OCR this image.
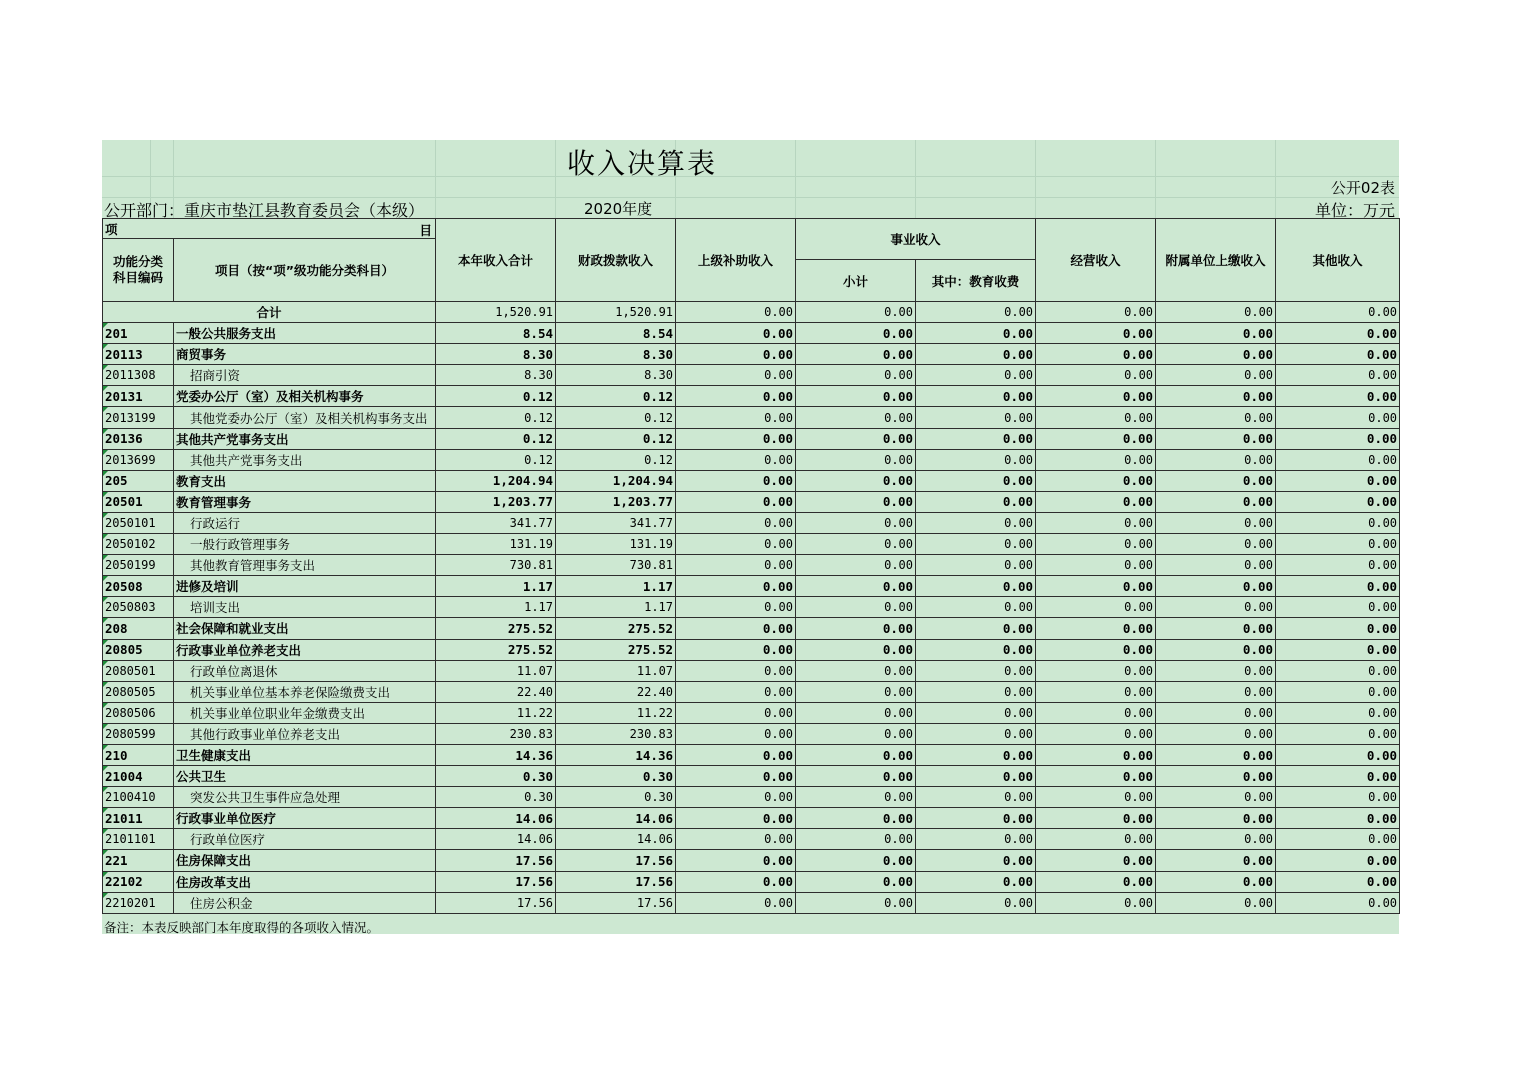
收入决算表
公开02表
公开部门：重庆市垫江县教育委员会（本级）	2020年度	单位：万元
项 目		本年收入合计	财政拨款收入	上级补助收入	事业收入		经营收入	附属单位上缴收入	其他收入
功能分类科目编码	项目（按“项”级功能分类科目）								
					小计	其中：教育收费			
合计		1,520.91	1,520.91	0.00	0.00	0.00	0.00	0.00	0.00
201	一般公共服务支出	8.54	8.54	0.00	0.00	0.00	0.00	0.00	0.00
20113	商贸事务	8.30	8.30	0.00	0.00	0.00	0.00	0.00	0.00
2011308	招商引资	8.30	8.30	0.00	0.00	0.00	0.00	0.00	0.00
20131	党委办公厅（室）及相关机构事务	0.12	0.12	0.00	0.00	0.00	0.00	0.00	0.00
2013199	其他党委办公厅（室）及相关机构事务支出	0.12	0.12	0.00	0.00	0.00	0.00	0.00	0.00
20136	其他共产党事务支出	0.12	0.12	0.00	0.00	0.00	0.00	0.00	0.00
2013699	其他共产党事务支出	0.12	0.12	0.00	0.00	0.00	0.00	0.00	0.00
205	教育支出	1,204.94	1,204.94	0.00	0.00	0.00	0.00	0.00	0.00
20501	教育管理事务	1,203.77	1,203.77	0.00	0.00	0.00	0.00	0.00	0.00
2050101	行政运行	341.77	341.77	0.00	0.00	0.00	0.00	0.00	0.00
2050102	一般行政管理事务	131.19	131.19	0.00	0.00	0.00	0.00	0.00	0.00
2050199	其他教育管理事务支出	730.81	730.81	0.00	0.00	0.00	0.00	0.00	0.00
20508	进修及培训	1.17	1.17	0.00	0.00	0.00	0.00	0.00	0.00
2050803	培训支出	1.17	1.17	0.00	0.00	0.00	0.00	0.00	0.00
208	社会保障和就业支出	275.52	275.52	0.00	0.00	0.00	0.00	0.00	0.00
20805	行政事业单位养老支出	275.52	275.52	0.00	0.00	0.00	0.00	0.00	0.00
2080501	行政单位离退休	11.07	11.07	0.00	0.00	0.00	0.00	0.00	0.00
2080505	机关事业单位基本养老保险缴费支出	22.40	22.40	0.00	0.00	0.00	0.00	0.00	0.00
2080506	机关事业单位职业年金缴费支出	11.22	11.22	0.00	0.00	0.00	0.00	0.00	0.00
2080599	其他行政事业单位养老支出	230.83	230.83	0.00	0.00	0.00	0.00	0.00	0.00
210	卫生健康支出	14.36	14.36	0.00	0.00	0.00	0.00	0.00	0.00
21004	公共卫生	0.30	0.30	0.00	0.00	0.00	0.00	0.00	0.00
2100410	突发公共卫生事件应急处理	0.30	0.30	0.00	0.00	0.00	0.00	0.00	0.00
21011	行政事业单位医疗	14.06	14.06	0.00	0.00	0.00	0.00	0.00	0.00
2101101	行政单位医疗	14.06	14.06	0.00	0.00	0.00	0.00	0.00	0.00
221	住房保障支出	17.56	17.56	0.00	0.00	0.00	0.00	0.00	0.00
22102	住房改革支出	17.56	17.56	0.00	0.00	0.00	0.00	0.00	0.00
2210201	住房公积金	17.56	17.56	0.00	0.00	0.00	0.00	0.00	0.00
备注：本表反映部门本年度取得的各项收入情况。
